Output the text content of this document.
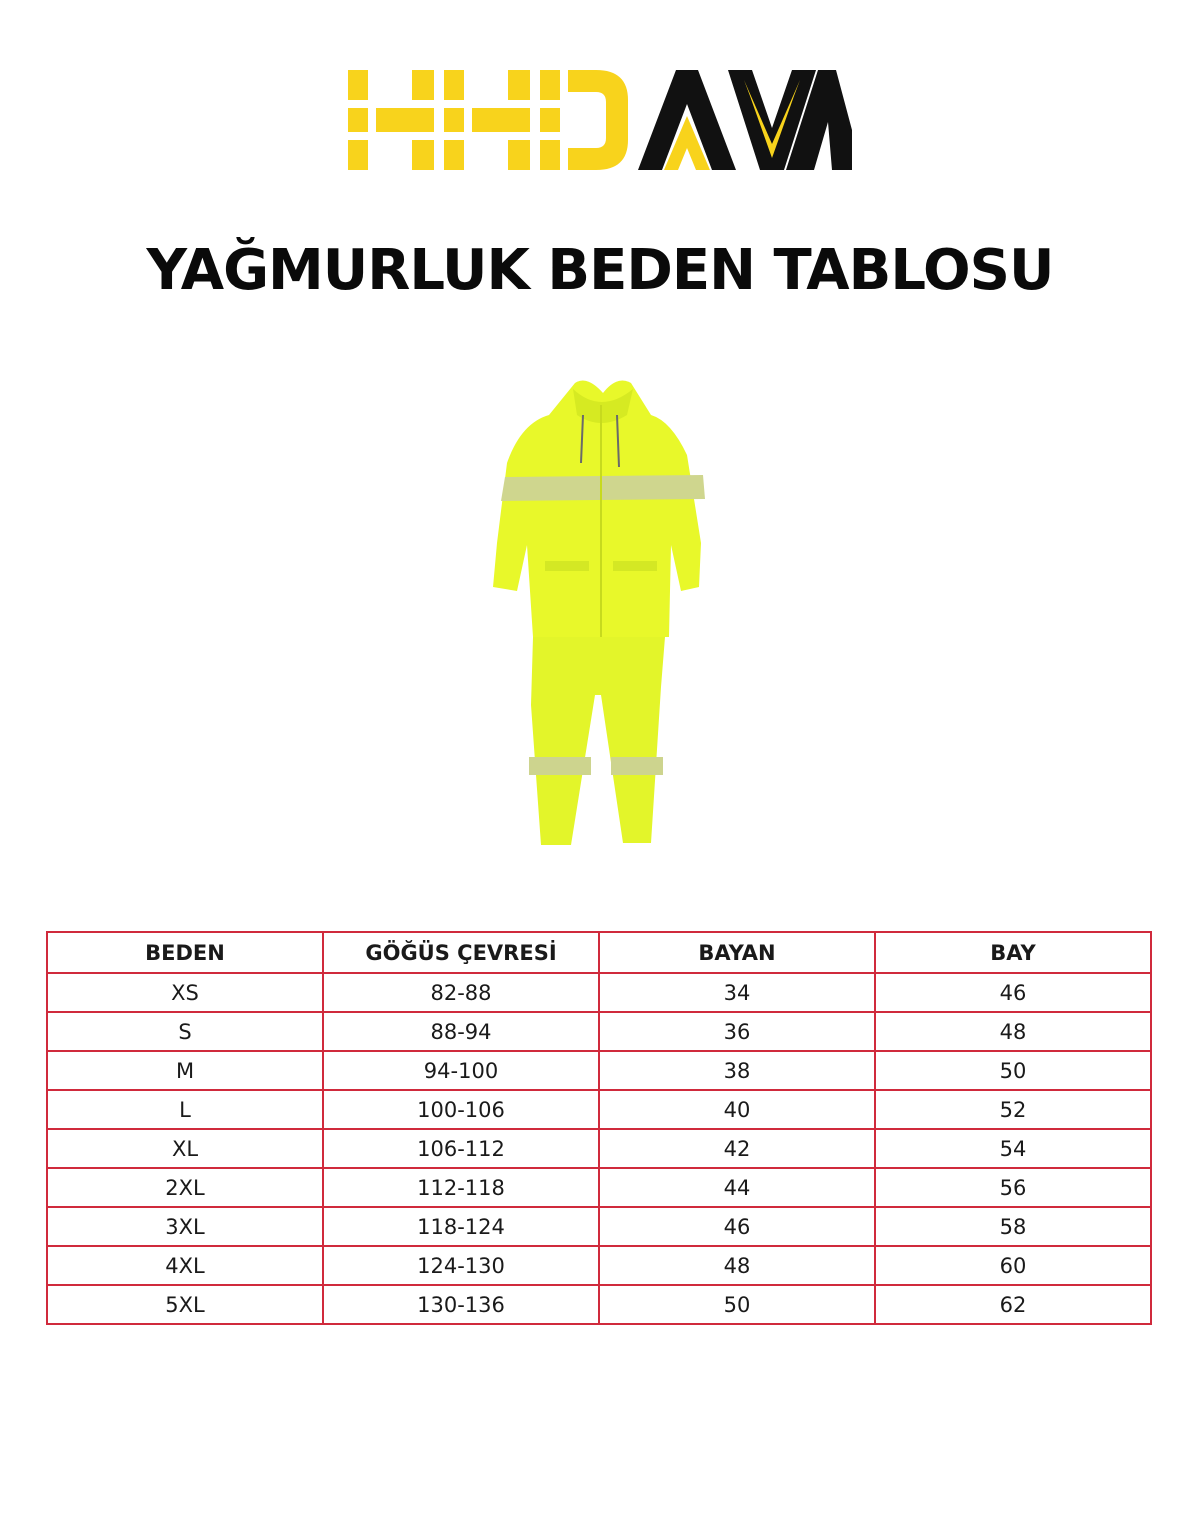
YAĞMURLUK BEDEN TABLOSU
BEDEN	GÖĞÜS ÇEVRESİ	BAYAN	BAY
XS	82-88	34	46
S	88-94	36	48
M	94-100	38	50
L	100-106	40	52
XL	106-112	42	54
2XL	112-118	44	56
3XL	118-124	46	58
4XL	124-130	48	60
5XL	130-136	50	62
